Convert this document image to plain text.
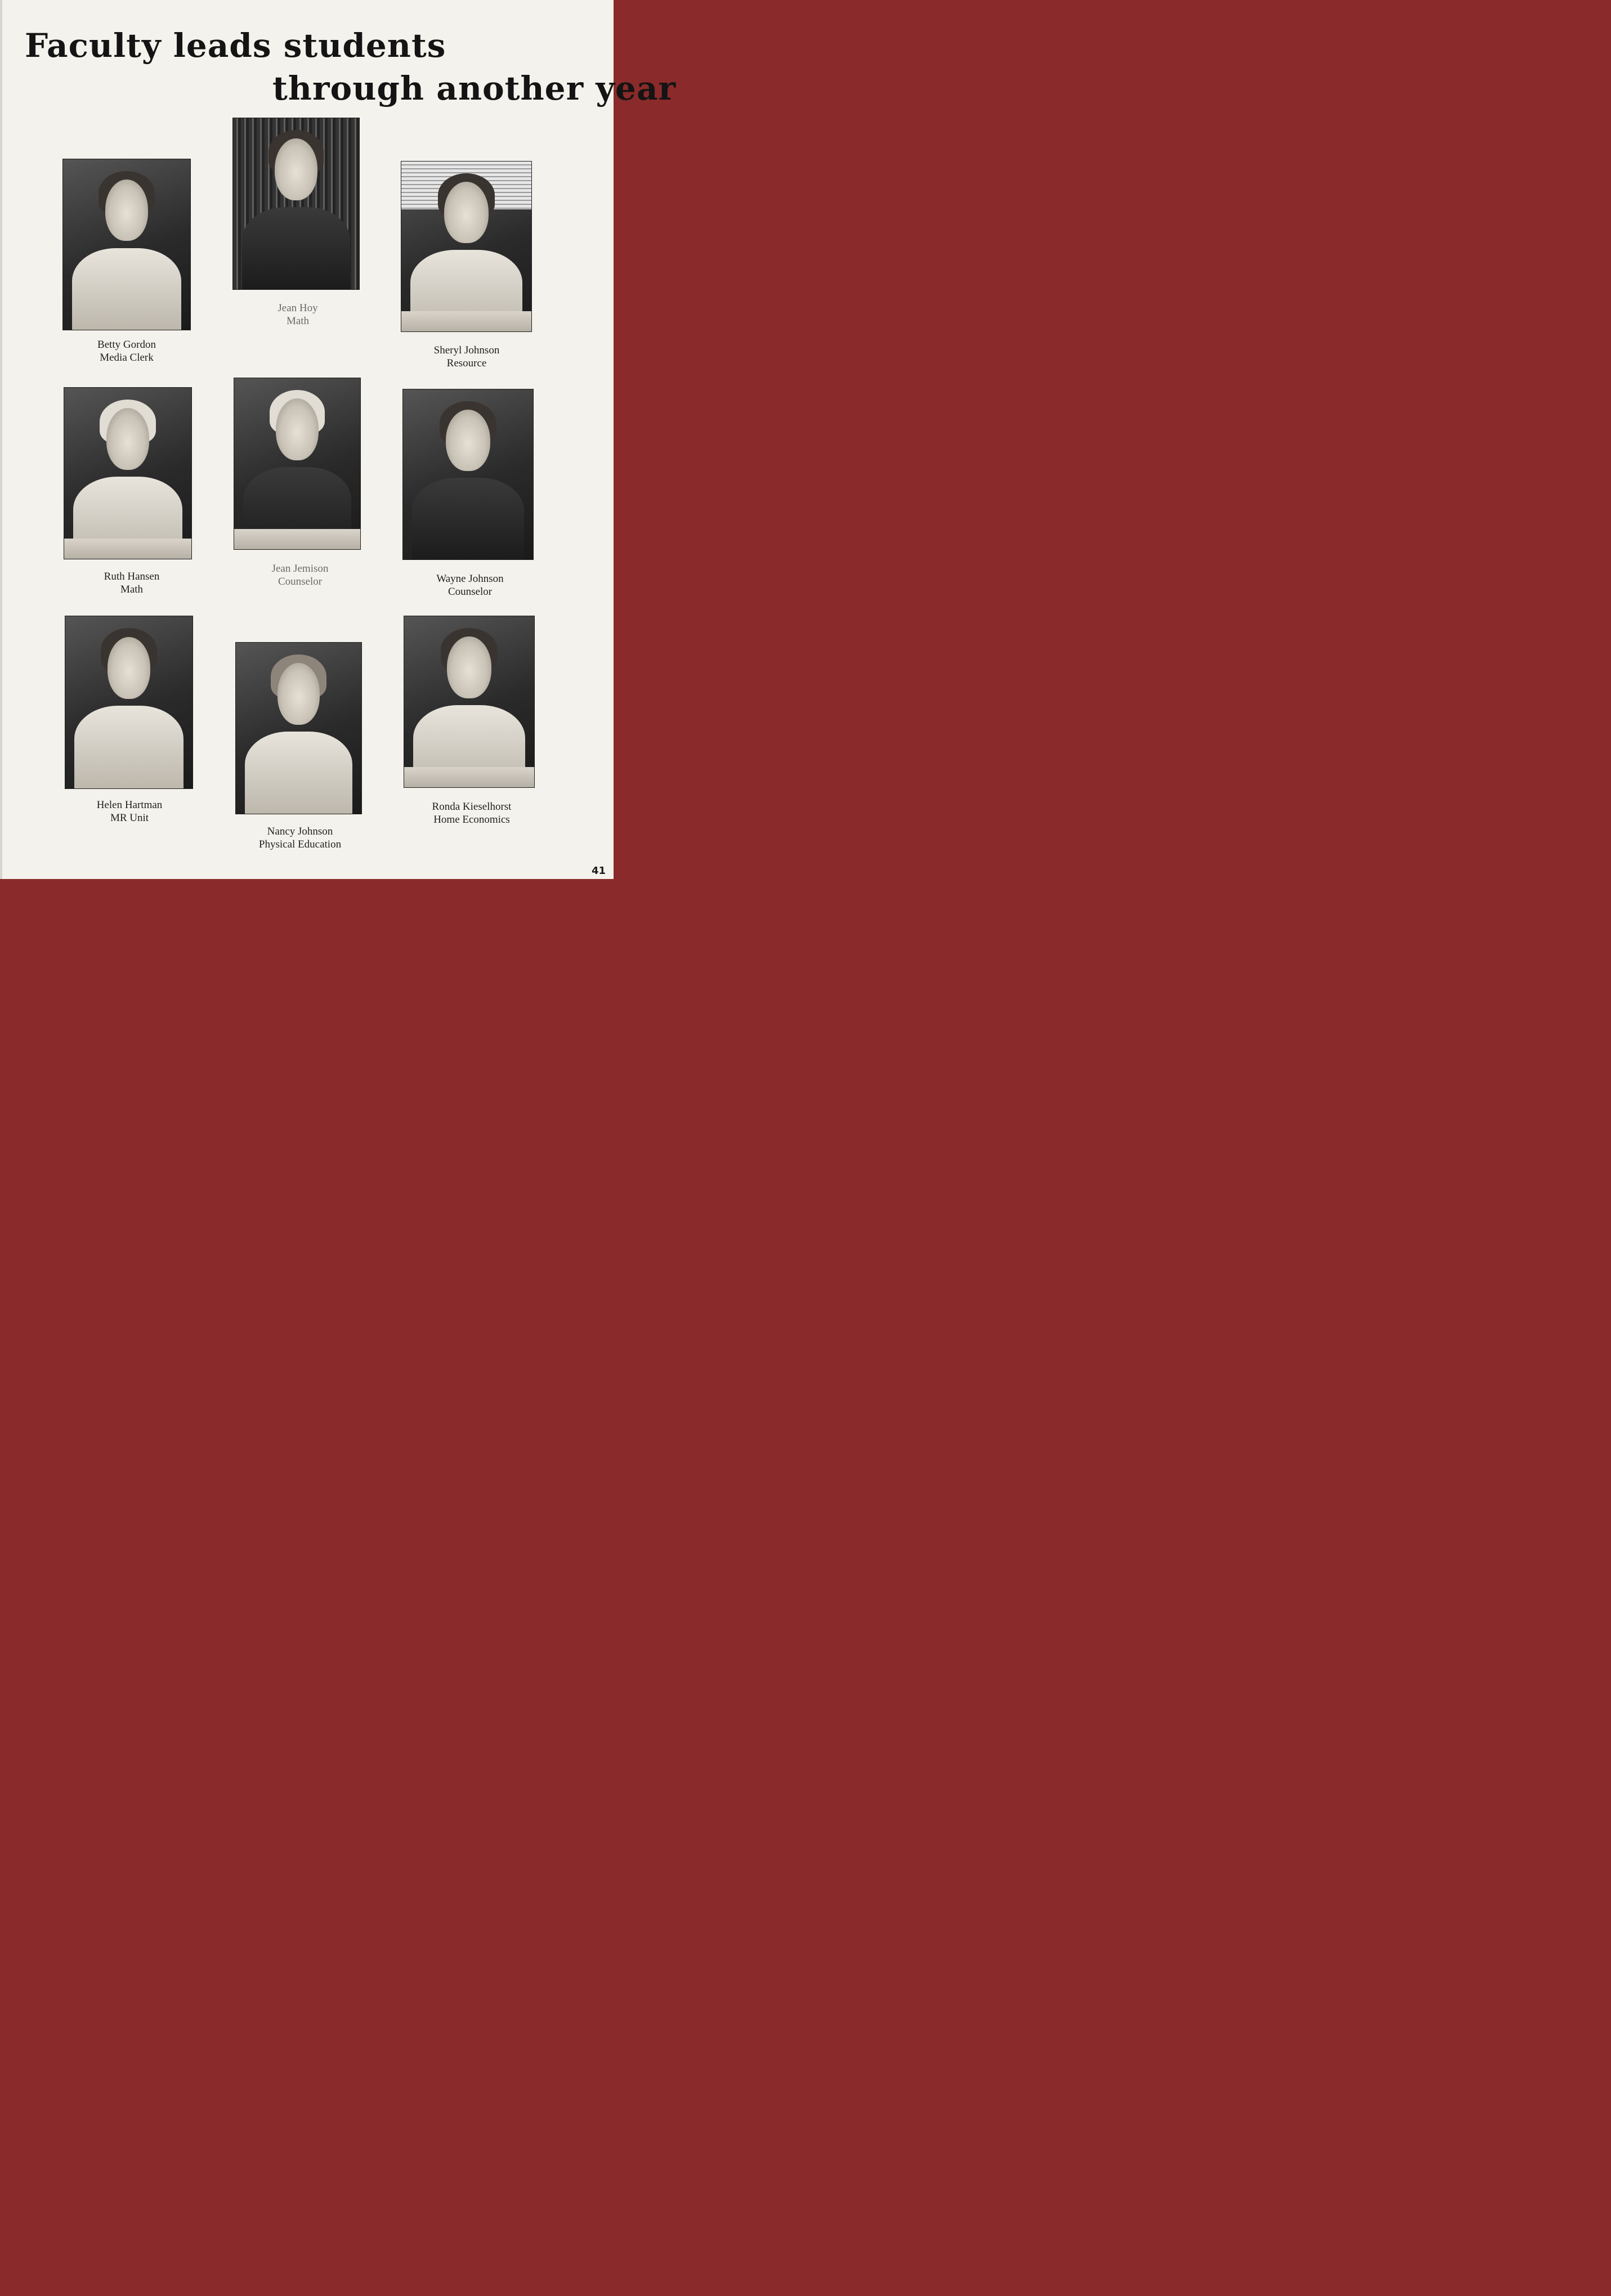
Faculty leads students
through another year
Betty Gordon
Media Clerk
Jean Hoy
Math
Sheryl Johnson
Resource
Ruth Hansen
Math
Jean Jemison
Counselor	Wayne Johnson
Counselor
Helen Hartman
MR Unit
Nancy Johnson
Physical Education
Ronda Kieselhorst
Home Economics
41
